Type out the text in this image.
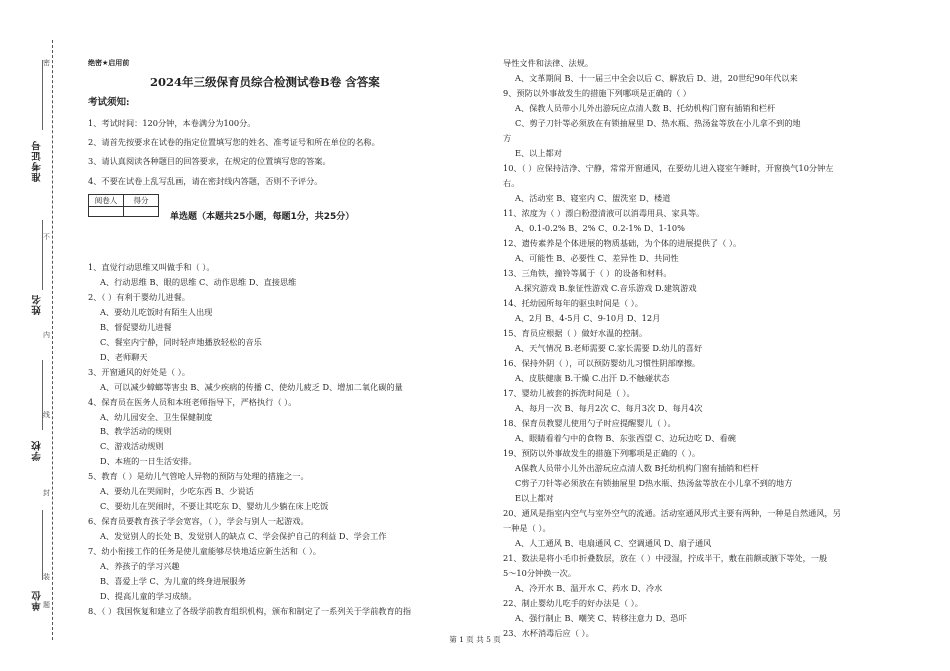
准考证号
姓名
学校
单位
密
不
内
线
封
装
题
绝密★启用前
2024年三级保育员综合检测试卷B卷 含答案
考试须知:
1、考试时间：120分钟，本卷满分为100分。
2、请首先按要求在试卷的指定位置填写您的姓名、准考证号和所在单位的名称。
3、请认真阅读各种题目的回答要求，在规定的位置填写您的答案。
4、不要在试卷上乱写乱画，请在密封线内答题，否则不予评分。
阅卷人	得分

单选题（本题共25小题，每题1分，共25分）
1、直觉行动思维又叫做手和（ ）。
A、行动思维 B、眼的思维 C、动作思维 D、直接思维
2、（ ）有利于婴幼儿进餐。
A、要幼儿吃饭时有陌生人出现
B、督促婴幼儿进餐
C、餐室内宁静，同时轻声地播放轻松的音乐
D、老师聊天
3、开窗通风的好处是（ ）。
A、可以减少蟑螂等害虫 B、减少疾病的传播 C、使幼儿疲乏 D、增加二氧化碳的量
4、保育员在医务人员和本班老师指导下，严格执行（ ）。
A、幼儿园安全、卫生保健制度
B、教学活动的规则
C、游戏活动规则
D、本班的一日生活安排。
5、教育（ ）是幼儿气管呛人异物的预防与处理的措施之一。
A、要幼儿在哭闹时，少吃东西 B、少说话
C、要幼儿在哭闹时，不要让其吃东 D、婴幼儿少躺在床上吃饭
6、保育员要教育孩子学会宽容，（ ），学会与别人一起游戏。
A、发觉别人的长处 B、发觉别人的缺点 C、学会保护自己的利益 D、学会工作
7、幼小衔接工作的任务是使儿童能够尽快地适应新生活和（ ）。
A、养孩子的学习兴趣
B、喜爱上学 C、为儿童的终身进展服务
D、提高儿童的学习成绩。
8、（ ）我国恢复和建立了各级学前教育组织机构，颁布和制定了一系列关于学前教育的指
导性文件和法律、法规。
A、文革期间 B、十一届三中全会以后 C、解放后 D、进，20世纪90年代以来
9、预防以外事故发生的措施下列哪项是正确的（ ）
A、保教人员带小儿外出游玩应点清人数 B、托幼机构门窗有插销和栏杆
C、剪子刀针等必须放在有锁抽屉里 D、热水瓶、热汤盆等放在小儿拿不到的地
方
E、以上都对
10、（ ）应保持洁净、宁静，常常开窗通风，在要幼儿进入寝室午睡时，开窗换气10分钟左
右。
A、活动室 B、寝室内 C、盥洗室 D、楼道
11、浓度为（ ）漂白粉澄清液可以消毒用具、家具等。
A、0.1-0.2% B、2% C、0.2-1% D、1-10%
12、遗传素养是个体进展的物质基础，为个体的进展提供了（ ）。
A、可能性 B、必要性 C、差异性 D、共同性
13、三角铁，撞铃等属于（ ）的设备和材料。
A.探究游戏 B.象征性游戏 C.音乐游戏 D.建筑游戏
14、托幼园所每年的驱虫时间是（ ）。
A、2月 B、4-5月 C、9-10月 D、12月
15、育员应根据（ ）做好水温的控制。
A、天气情况 B.老师需要 C.家长需要 D.幼儿的喜好
16、保持外阴（ ），可以预防婴幼儿习惯性阴部摩擦。
A、皮肤健康 B.干燥 C.出汗 D.不触碰状态
17、婴幼儿被套的拆洗时间是（ ）。
A、每月一次 B、每月2次 C、每月3次 D、每月4次
18、保育员教婴儿使用勺子时应提醒婴儿（ ）。
A、眼睛看着勺中的食物 B、东张西望 C、边玩边吃 D、看碗
19、预防以外事故发生的措施下列哪项是正确的（ ）。
A保教人员带小儿外出游玩应点清人数 B托幼机构门窗有插销和栏杆
C剪子刀针等必须放在有锁抽屉里 D热水瓶、热汤盆等放在小儿拿不到的地方
E以上都对
20、通风是指室内空气与室外空气的流通。活动室通风形式主要有两种，一种是自然通风，另
一种是（ ）。
A、人工通风 B、电扇通风 C、空调通风 D、扇子通风
21、数法是将小毛巾折叠数层，放在（ ）中浸湿，拧成半干，敷在前额或腋下等处，一般
5～10分钟换一次。
A、冷开水 B、温开水 C、药水 D、冷水
22、制止婴幼儿吃手的好办法是（ ）。
A、强行制止 B、嘲笑 C、转移注意力 D、恐吓
23、水杯消毒后应（ ）。
第 1 页 共 5 页
